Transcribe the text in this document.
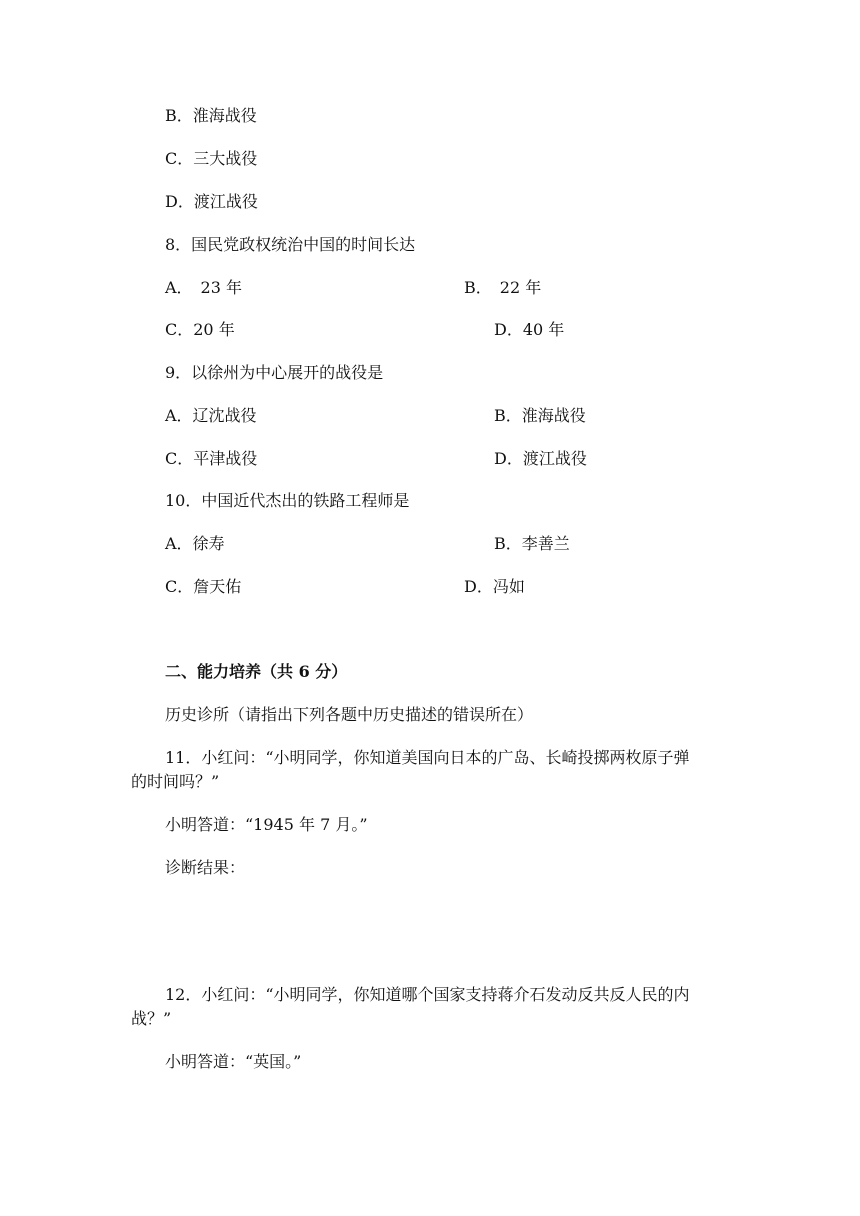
B．淮海战役
C．三大战役
D．渡江战役
8．国民党政权统治中国的时间长达
A．　23 年	B．　22 年
C．20 年	D．40 年
9．以徐州为中心展开的战役是
A．辽沈战役	B．淮海战役
C．平津战役	D．渡江战役
10．中国近代杰出的铁路工程师是
A．徐寿	B．李善兰
C．詹天佑	D．冯如
二、能力培养（共 6 分）
历史诊所（请指出下列各题中历史描述的错误所在）
11．小红问：“小明同学，你知道美国向日本的广岛、长崎投掷两枚原子弹
的时间吗？”
小明答道：“1945 年 7 月。”
诊断结果：
12．小红问：“小明同学，你知道哪个国家支持蒋介石发动反共反人民的内
战？”
小明答道：“英国。”
